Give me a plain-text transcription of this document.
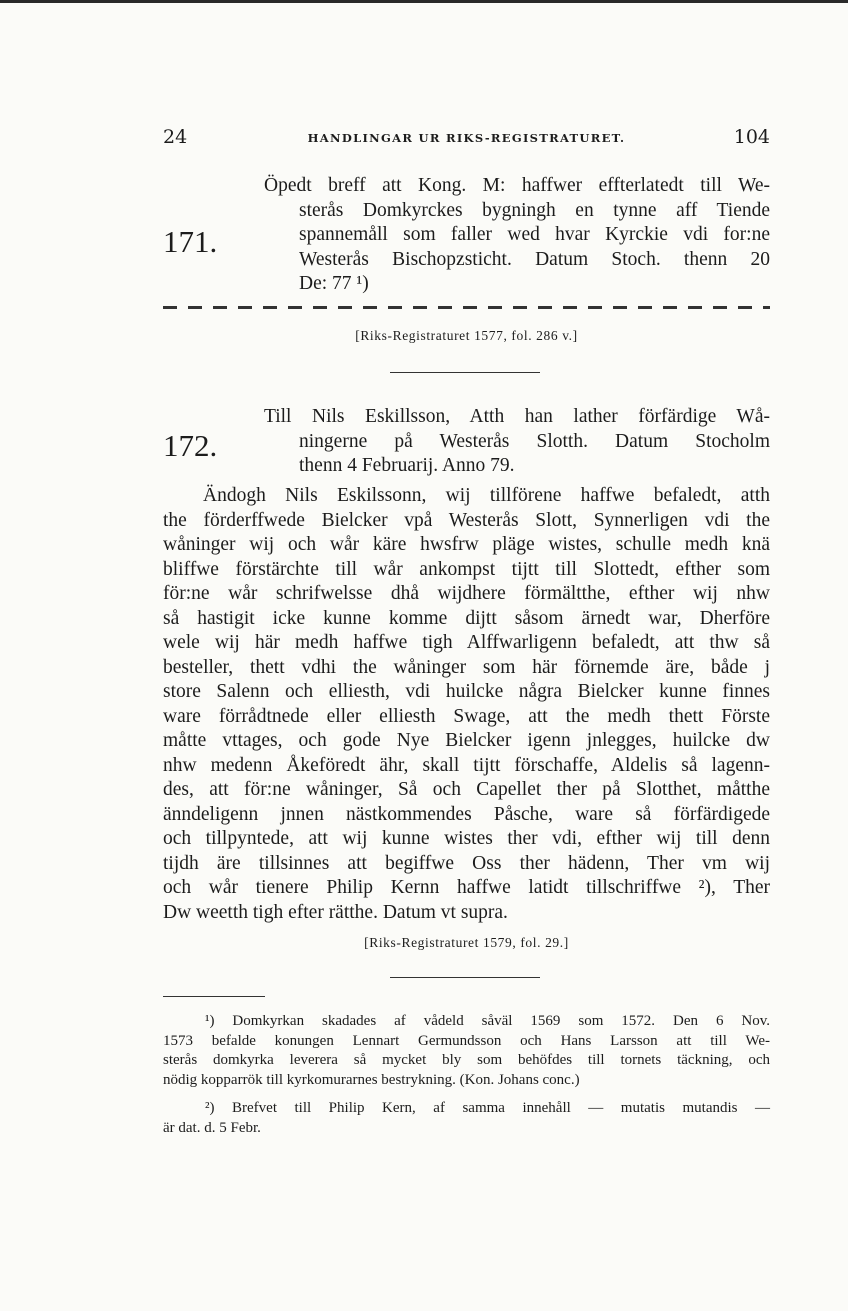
24	HANDLINGAR UR RIKS-REGISTRATURET.	104
171.
Öpedt breff att Kong. M: haffwer effterlatedt till We-
sterås Domkyrckes bygningh en tynne aff Tiende
spannemåll som faller wed hvar Kyrckie vdi for:ne
Westerås Bischopzsticht. Datum Stoch. thenn 20
De: 77 ¹)
[Riks-Registraturet 1577, fol. 286 v.]
172.
Till Nils Eskillsson, Atth han lather förfärdige Wå-
ningerne på Westerås Slotth. Datum Stocholm
thenn 4 Februarij. Anno 79.
Ändogh Nils Eskilssonn, wij tillförene haffwe befaledt, atth
the förderffwede Bielcker vpå Westerås Slott, Synnerligen vdi the
wåninger wij och wår käre hwsfrw pläge wistes, schulle medh knä
bliffwe förstärchte till wår ankompst tijtt till Slottedt, efther som
för:ne wår schrifwelsse dhå wijdhere förmältthe, efther wij nhw
så hastigit icke kunne komme dijtt såsom ärnedt war, Dherföre
wele wij här medh haffwe tigh Alffwarligenn befaledt, att thw så
besteller, thett vdhi the wåninger som här förnemde äre, både j
store Salenn och elliesth, vdi huilcke några Bielcker kunne finnes
ware förrådtnede eller elliesth Swage, att the medh thett Förste
måtte vttages, och gode Nye Bielcker igenn jnlegges, huilcke dw
nhw medenn Åkeföredt ähr, skall tijtt förschaffe, Aldelis så lagenn-
des, att för:ne wåninger, Så och Capellet ther på Slotthet, måtthe
änndeligenn jnnen nästkommendes Påsche, ware så förfärdigede
och tillpyntede, att wij kunne wistes ther vdi, efther wij till denn
tijdh äre tillsinnes att begiffwe Oss ther hädenn, Ther vm wij
och wår tienere Philip Kernn haffwe latidt tillschriffwe ²), Ther
Dw weetth tigh efter rätthe. Datum vt supra.
[Riks-Registraturet 1579, fol. 29.]
¹) Domkyrkan skadades af vådeld såväl 1569 som 1572. Den 6 Nov.
1573 befalde konungen Lennart Germundsson och Hans Larsson att till We-
sterås domkyrka leverera så mycket bly som behöfdes till tornets täckning, och
nödig kopparrök till kyrkomurarnes bestrykning. (Kon. Johans conc.)
²) Brefvet till Philip Kern, af samma innehåll — mutatis mutandis —
är dat. d. 5 Febr.
